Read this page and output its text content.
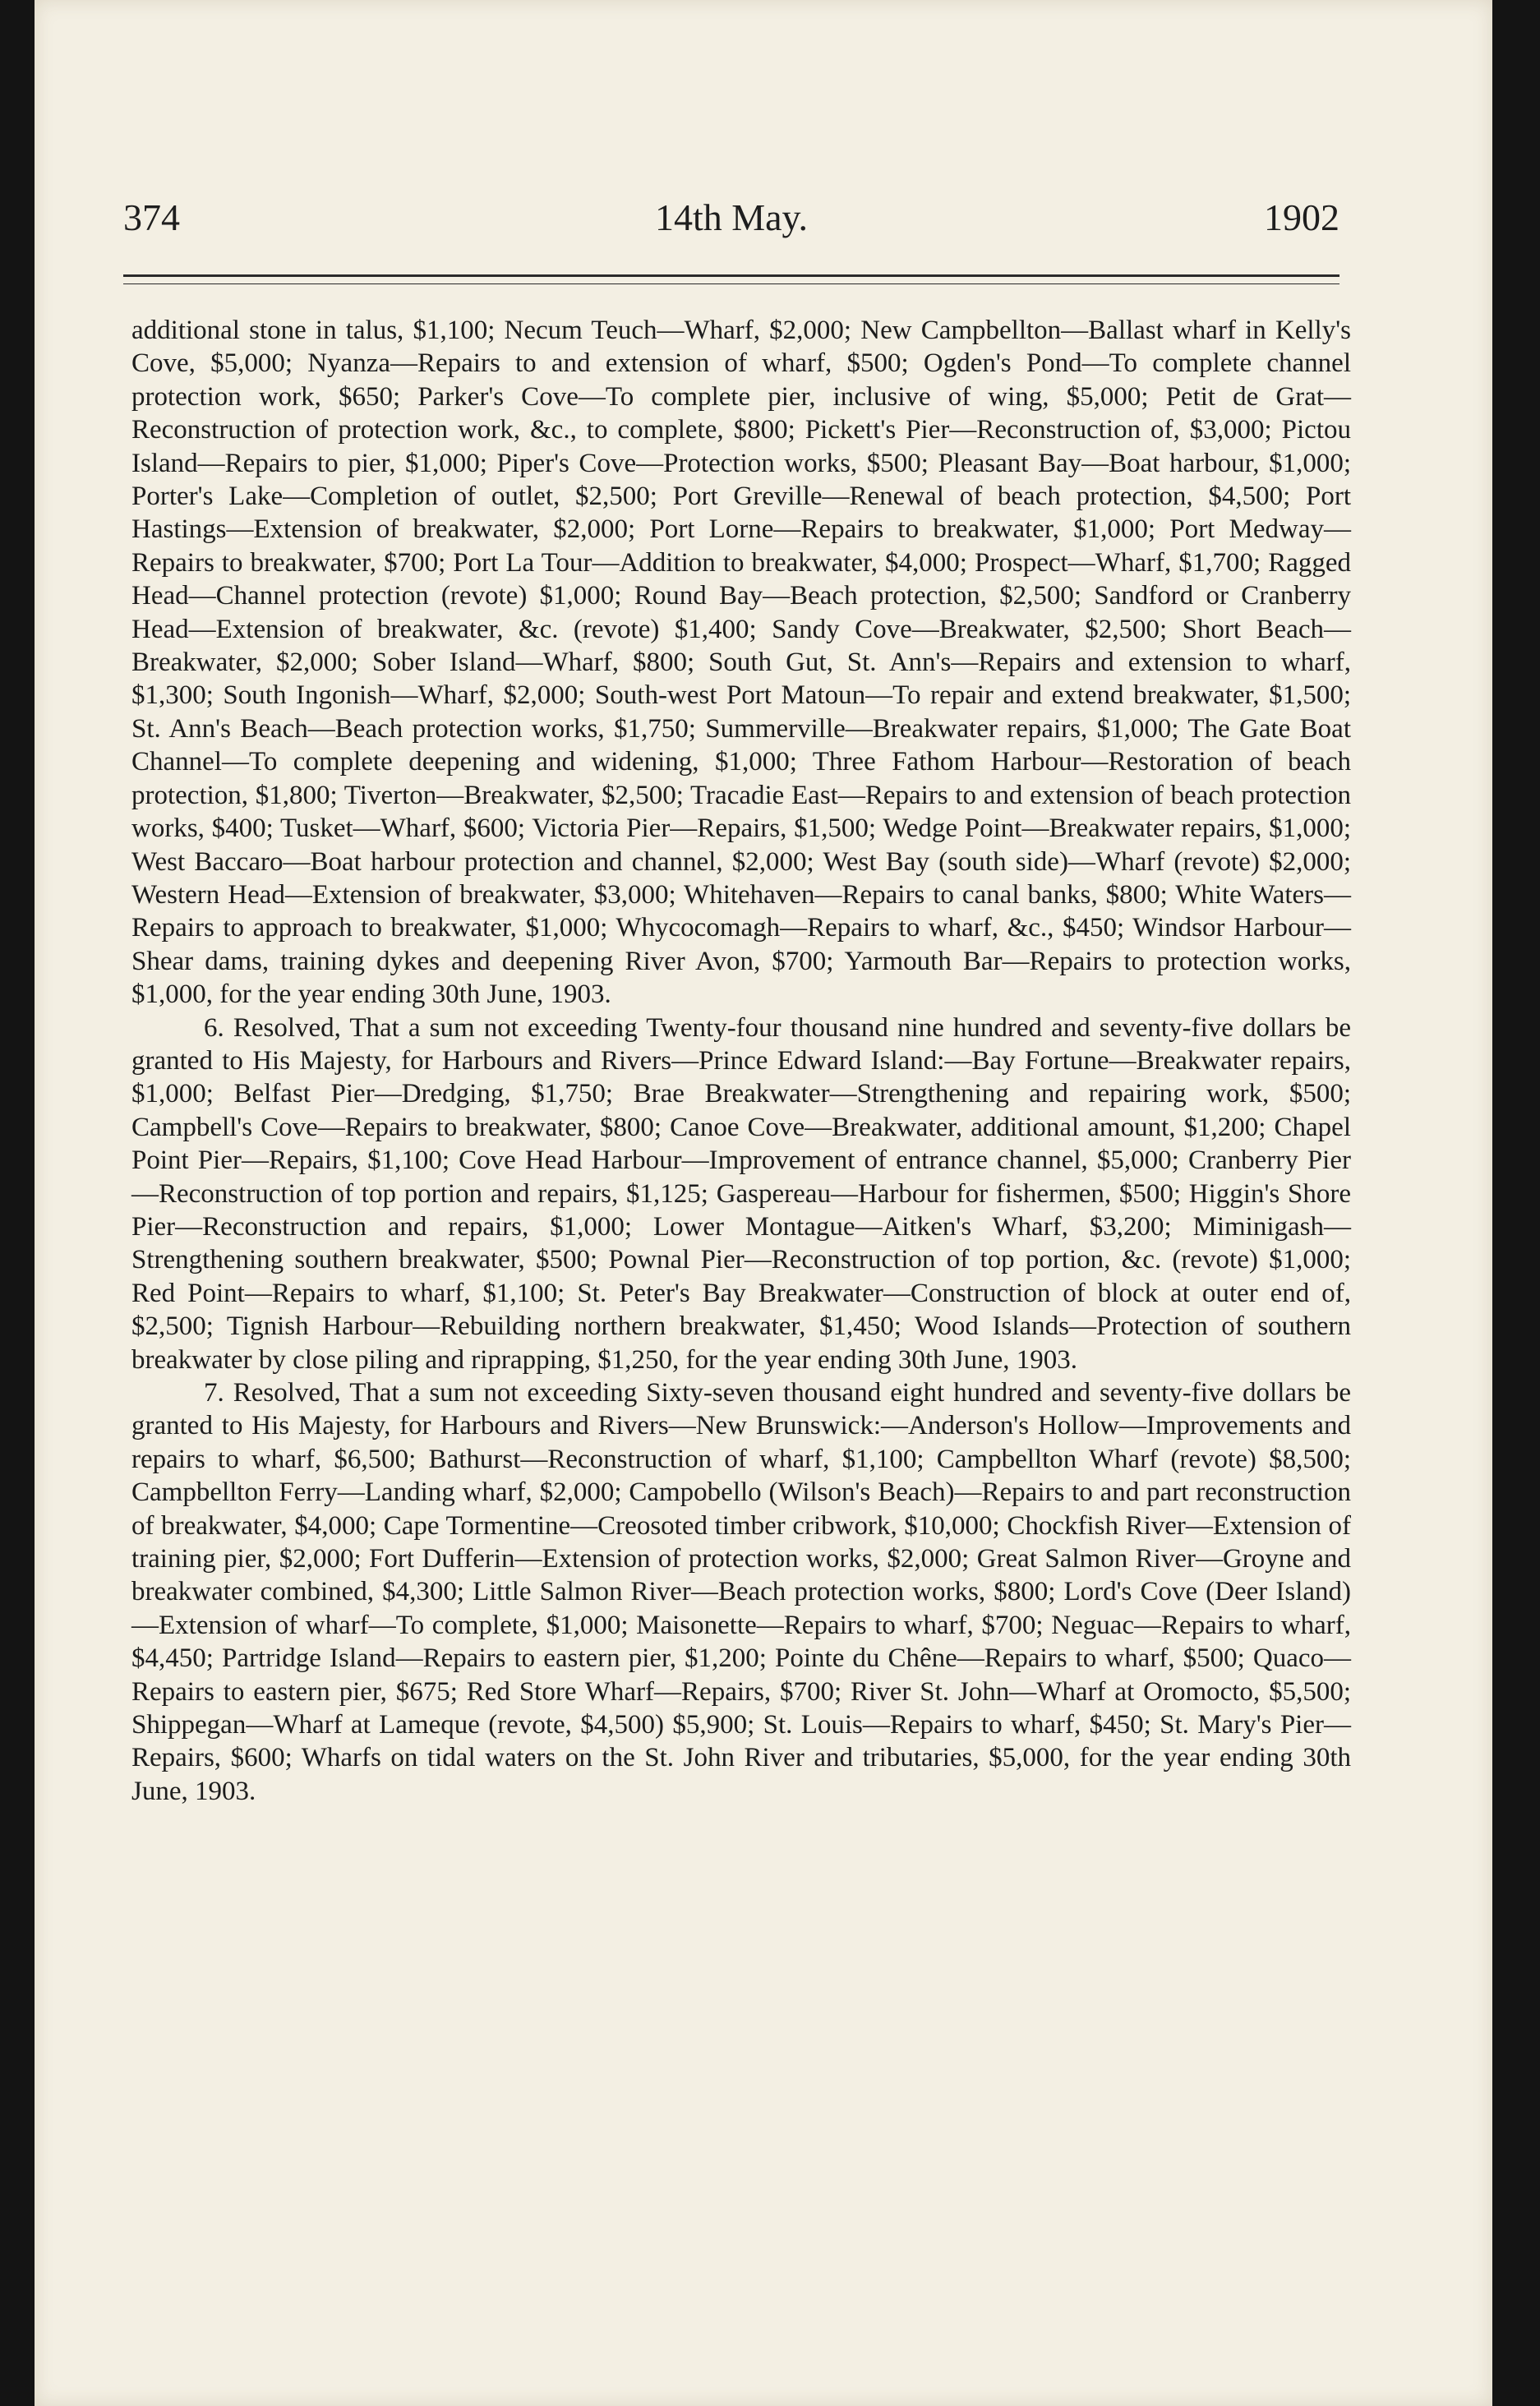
374	14th May.	1902

additional stone in talus, $1,100; Necum Teuch—Wharf, $2,000; New Campbellton—Ballast wharf in Kelly's Cove, $5,000; Nyanza—Repairs to and extension of wharf, $500; Ogden's Pond—To complete channel protection work, $650; Parker's Cove—To complete pier, inclusive of wing, $5,000; Petit de Grat—Reconstruction of protection work, &c., to complete, $800; Pickett's Pier—Reconstruction of, $3,000; Pictou Island—Repairs to pier, $1,000; Piper's Cove—Protection works, $500; Pleasant Bay—Boat harbour, $1,000; Porter's Lake—Completion of outlet, $2,500; Port Greville—Renewal of beach protection, $4,500; Port Hastings—Extension of breakwater, $2,000; Port Lorne—Repairs to breakwater, $1,000; Port Medway—Repairs to breakwater, $700; Port La Tour—Addition to breakwater, $4,000; Prospect—Wharf, $1,700; Ragged Head—Channel protection (revote) $1,000; Round Bay—Beach protection, $2,500; Sandford or Cranberry Head—Extension of breakwater, &c. (revote) $1,400; Sandy Cove—Breakwater, $2,500; Short Beach—Breakwater, $2,000; Sober Island—Wharf, $800; South Gut, St. Ann's—Repairs and extension to wharf, $1,300; South Ingonish—Wharf, $2,000; South-west Port Matoun—To repair and extend breakwater, $1,500; St. Ann's Beach—Beach protection works, $1,750; Summerville—Breakwater repairs, $1,000; The Gate Boat Channel—To complete deepening and widening, $1,000; Three Fathom Harbour—Restoration of beach protection, $1,800; Tiverton—Breakwater, $2,500; Tracadie East—Repairs to and extension of beach protection works, $400; Tusket—Wharf, $600; Victoria Pier—Repairs, $1,500; Wedge Point—Breakwater repairs, $1,000; West Baccaro—Boat harbour protection and channel, $2,000; West Bay (south side)—Wharf (revote) $2,000; Western Head—Extension of breakwater, $3,000; Whitehaven—Repairs to canal banks, $800; White Waters—Repairs to approach to breakwater, $1,000; Whycocomagh—Repairs to wharf, &c., $450; Windsor Harbour—Shear dams, training dykes and deepening River Avon, $700; Yarmouth Bar—Repairs to protection works, $1,000, for the year ending 30th June, 1903.

6. Resolved, That a sum not exceeding Twenty-four thousand nine hundred and seventy-five dollars be granted to His Majesty, for Harbours and Rivers—Prince Edward Island:—Bay Fortune—Breakwater repairs, $1,000; Belfast Pier—Dredging, $1,750; Brae Breakwater—Strengthening and repairing work, $500; Campbell's Cove—Repairs to breakwater, $800; Canoe Cove—Breakwater, additional amount, $1,200; Chapel Point Pier—Repairs, $1,100; Cove Head Harbour—Improvement of entrance channel, $5,000; Cranberry Pier—Reconstruction of top portion and repairs, $1,125; Gaspereau—Harbour for fishermen, $500; Higgin's Shore Pier—Reconstruction and repairs, $1,000; Lower Montague—Aitken's Wharf, $3,200; Miminigash—Strengthening southern breakwater, $500; Pownal Pier—Reconstruction of top portion, &c. (revote) $1,000; Red Point—Repairs to wharf, $1,100; St. Peter's Bay Breakwater—Construction of block at outer end of, $2,500; Tignish Harbour—Rebuilding northern breakwater, $1,450; Wood Islands—Protection of southern breakwater by close piling and riprapping, $1,250, for the year ending 30th June, 1903.

7. Resolved, That a sum not exceeding Sixty-seven thousand eight hundred and seventy-five dollars be granted to His Majesty, for Harbours and Rivers—New Brunswick:—Anderson's Hollow—Improvements and repairs to wharf, $6,500; Bathurst—Reconstruction of wharf, $1,100; Campbellton Wharf (revote) $8,500; Campbellton Ferry—Landing wharf, $2,000; Campobello (Wilson's Beach)—Repairs to and part reconstruction of breakwater, $4,000; Cape Tormentine—Creosoted timber cribwork, $10,000; Chockfish River—Extension of training pier, $2,000; Fort Dufferin—Extension of protection works, $2,000; Great Salmon River—Groyne and breakwater combined, $4,300; Little Salmon River—Beach protection works, $800; Lord's Cove (Deer Island)—Extension of wharf—To complete, $1,000; Maisonette—Repairs to wharf, $700; Neguac—Repairs to wharf, $4,450; Partridge Island—Repairs to eastern pier, $1,200; Pointe du Chêne—Repairs to wharf, $500; Quaco—Repairs to eastern pier, $675; Red Store Wharf—Repairs, $700; River St. John—Wharf at Oromocto, $5,500; Shippegan—Wharf at Lameque (revote, $4,500) $5,900; St. Louis—Repairs to wharf, $450; St. Mary's Pier—Repairs, $600; Wharfs on tidal waters on the St. John River and tributaries, $5,000, for the year ending 30th June, 1903.
